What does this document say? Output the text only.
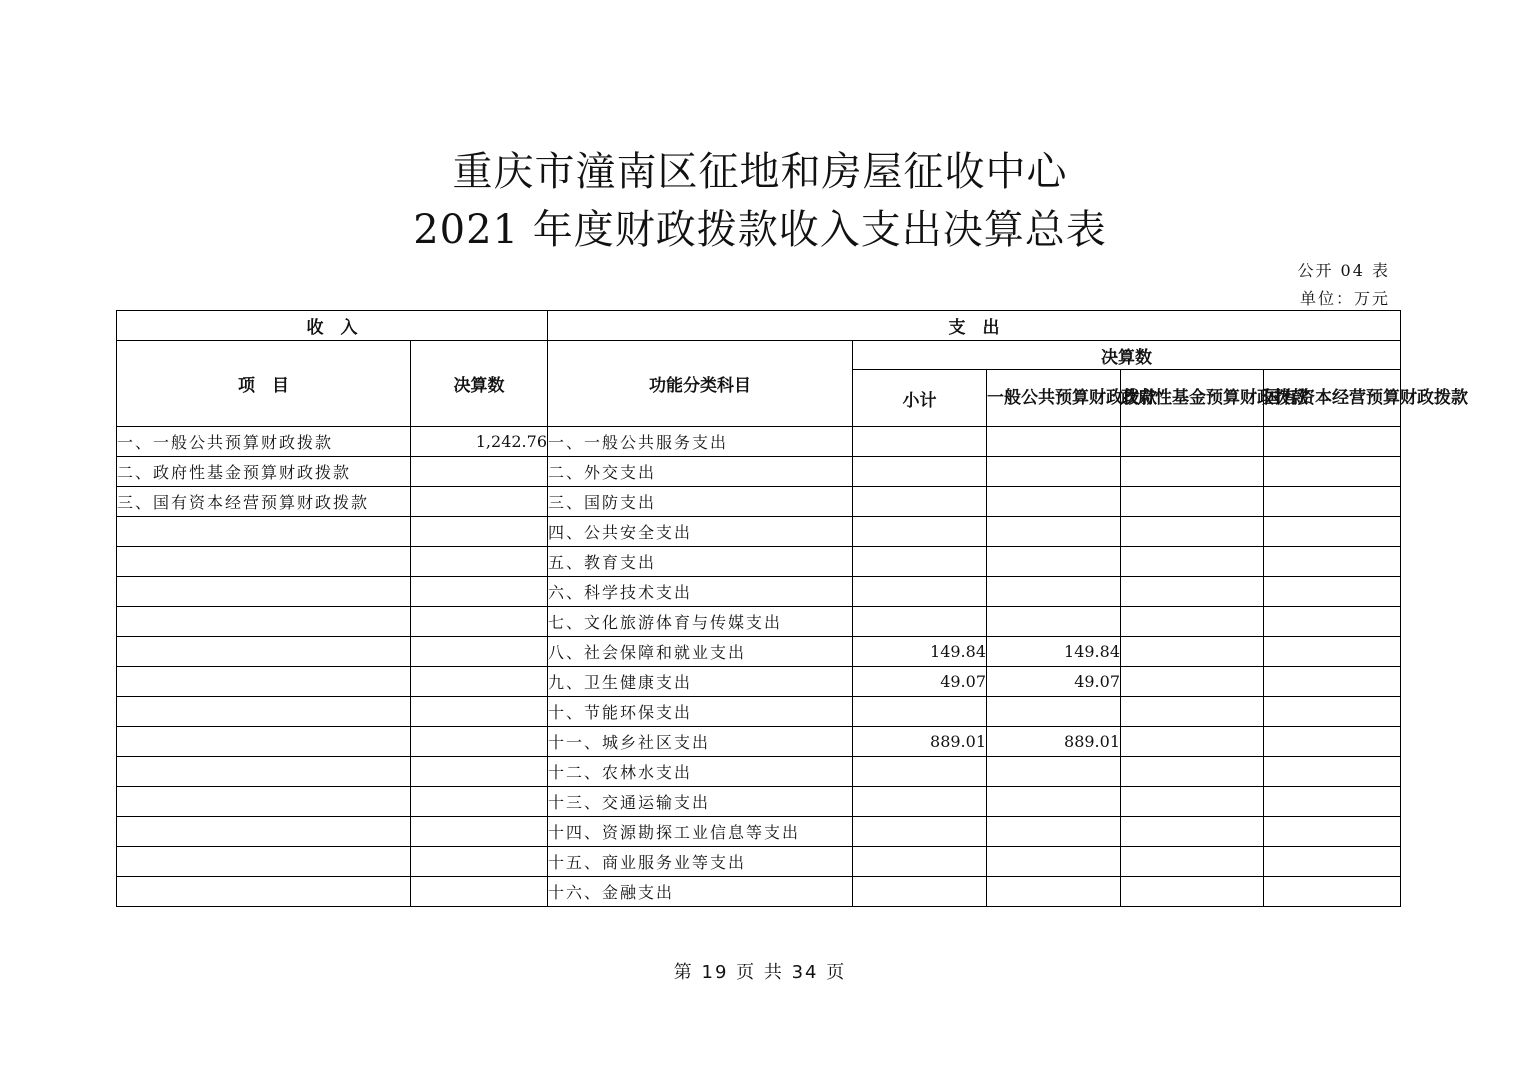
重庆市潼南区征地和房屋征收中心
2021 年度财政拨款收入支出决算总表
公开 04 表
单位：万元
收　入		支　出				
项　目	决算数	功能分类科目	决算数			
			小计	一般公共预算财政拨款	政府性基金预算财政拨款	国有资本经营预算财政拨款
一、一般公共预算财政拨款	1,242.76	一、一般公共服务支出				
二、政府性基金预算财政拨款		二、外交支出				
三、国有资本经营预算财政拨款		三、国防支出				
		四、公共安全支出				
		五、教育支出				
		六、科学技术支出				
		七、文化旅游体育与传媒支出				
		八、社会保障和就业支出	149.84	149.84		
		九、卫生健康支出	49.07	49.07		
		十、节能环保支出				
		十一、城乡社区支出	889.01	889.01		
		十二、农林水支出				
		十三、交通运输支出				
		十四、资源勘探工业信息等支出				
		十五、商业服务业等支出				
		十六、金融支出				
第 19 页 共 34 页
